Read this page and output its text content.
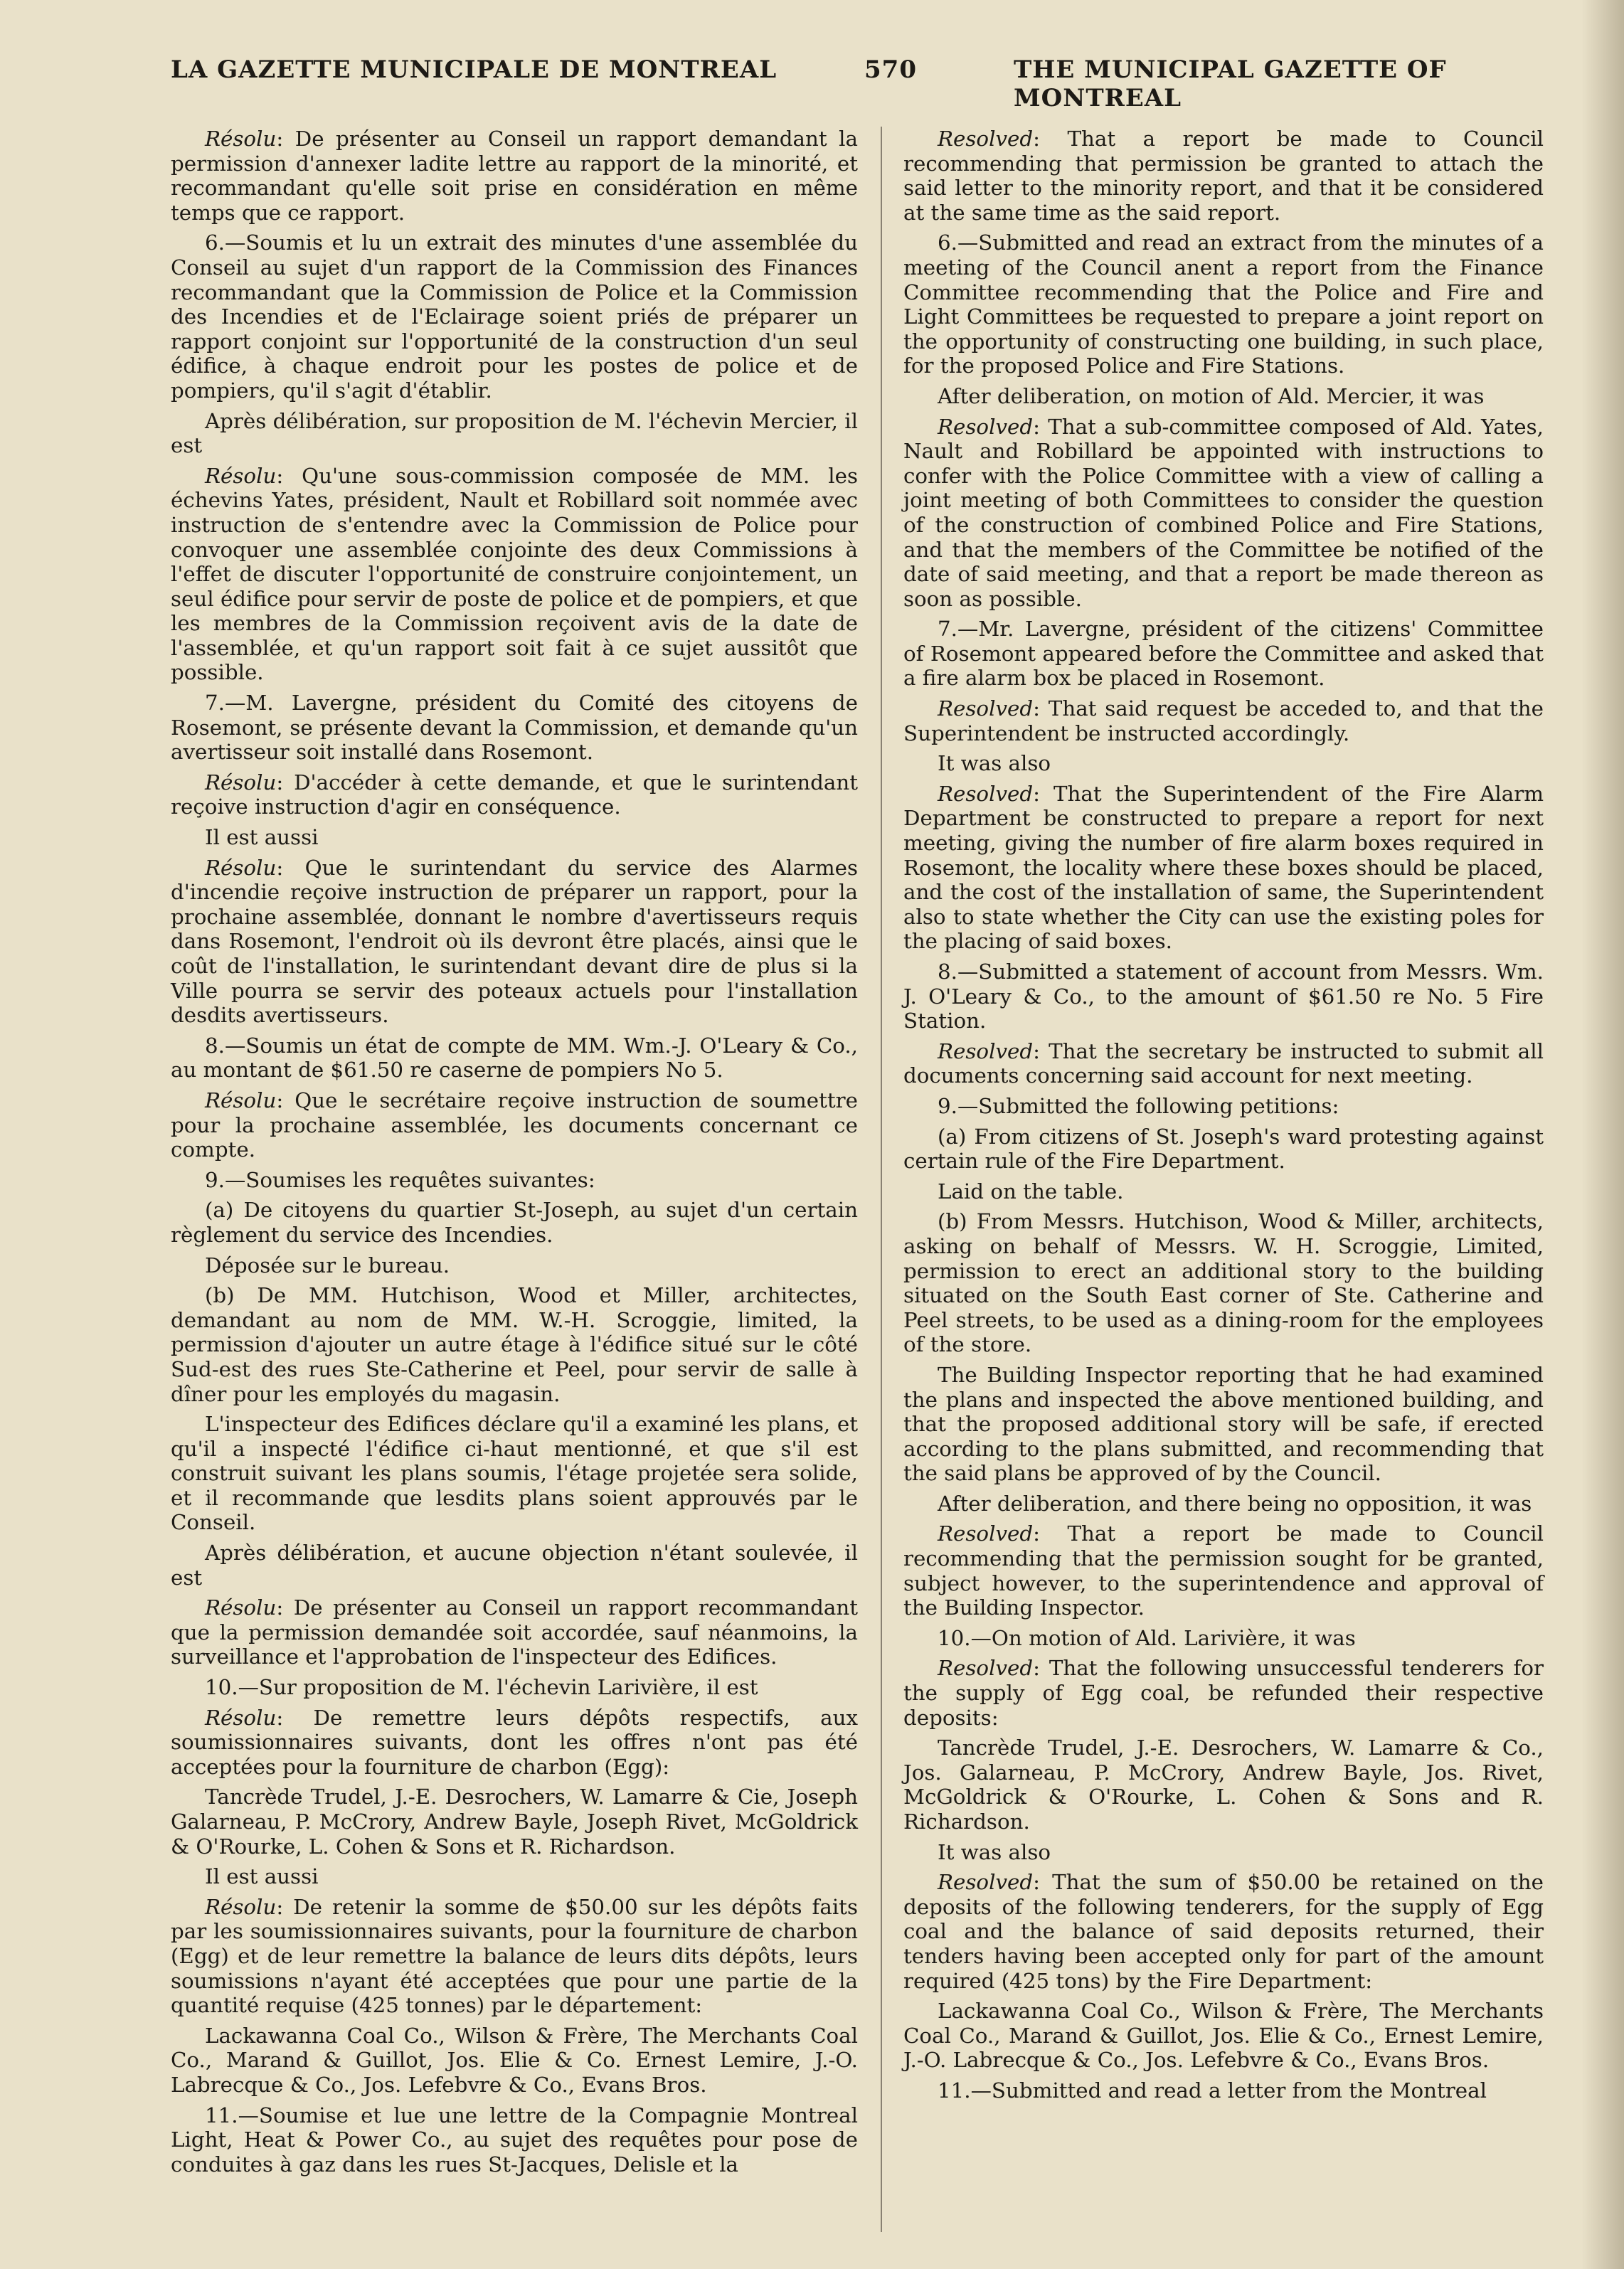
LA GAZETTE MUNICIPALE DE MONTREAL	570	THE MUNICIPAL GAZETTE OF MONTREAL

Résolu: De présenter au Conseil un rapport demandant la permission d'annexer ladite lettre au rapport de la minorité, et recommandant qu'elle soit prise en considération en même temps que ce rapport.

6.—Soumis et lu un extrait des minutes d'une assemblée du Conseil au sujet d'un rapport de la Commission des Finances recommandant que la Commission de Police et la Commission des Incendies et de l'Eclairage soient priés de préparer un rapport conjoint sur l'opportunité de la construction d'un seul édifice, à chaque endroit pour les postes de police et de pompiers, qu'il s'agit d'établir.

Après délibération, sur proposition de M. l'échevin Mercier, il est

Résolu: Qu'une sous-commission composée de MM. les échevins Yates, président, Nault et Robillard soit nommée avec instruction de s'entendre avec la Commission de Police pour convoquer une assemblée conjointe des deux Commissions à l'effet de discuter l'opportunité de construire conjointement, un seul édifice pour servir de poste de police et de pompiers, et que les membres de la Commission reçoivent avis de la date de l'assemblée, et qu'un rapport soit fait à ce sujet aussitôt que possible.

7.—M. Lavergne, président du Comité des citoyens de Rosemont, se présente devant la Commission, et demande qu'un avertisseur soit installé dans Rosemont.

Résolu: D'accéder à cette demande, et que le surintendant reçoive instruction d'agir en conséquence.

Il est aussi

Résolu: Que le surintendant du service des Alarmes d'incendie reçoive instruction de préparer un rapport, pour la prochaine assemblée, donnant le nombre d'avertisseurs requis dans Rosemont, l'endroit où ils devront être placés, ainsi que le coût de l'installation, le surintendant devant dire de plus si la Ville pourra se servir des poteaux actuels pour l'installation desdits avertisseurs.

8.—Soumis un état de compte de MM. Wm.-J. O'Leary & Co., au montant de $61.50 re caserne de pompiers No 5.

Résolu: Que le secrétaire reçoive instruction de soumettre pour la prochaine assemblée, les documents concernant ce compte.

9.—Soumises les requêtes suivantes:

(a) De citoyens du quartier St-Joseph, au sujet d'un certain règlement du service des Incendies.

Déposée sur le bureau.

(b) De MM. Hutchison, Wood et Miller, architectes, demandant au nom de MM. W.-H. Scroggie, limited, la permission d'ajouter un autre étage à l'édifice situé sur le côté Sud-est des rues Ste-Catherine et Peel, pour servir de salle à dîner pour les employés du magasin.

L'inspecteur des Edifices déclare qu'il a examiné les plans, et qu'il a inspecté l'édifice ci-haut mentionné, et que s'il est construit suivant les plans soumis, l'étage projetée sera solide, et il recommande que lesdits plans soient approuvés par le Conseil.

Après délibération, et aucune objection n'étant soulevée, il est

Résolu: De présenter au Conseil un rapport recommandant que la permission demandée soit accordée, sauf néanmoins, la surveillance et l'approbation de l'inspecteur des Edifices.

10.—Sur proposition de M. l'échevin Larivière, il est

Résolu: De remettre leurs dépôts respectifs, aux soumissionnaires suivants, dont les offres n'ont pas été acceptées pour la fourniture de charbon (Egg):

Tancrède Trudel, J.-E. Desrochers, W. Lamarre & Cie, Joseph Galarneau, P. McCrory, Andrew Bayle, Joseph Rivet, McGoldrick & O'Rourke, L. Cohen & Sons et R. Richardson.

Il est aussi

Résolu: De retenir la somme de $50.00 sur les dépôts faits par les soumissionnaires suivants, pour la fourniture de charbon (Egg) et de leur remettre la balance de leurs dits dépôts, leurs soumissions n'ayant été acceptées que pour une partie de la quantité requise (425 tonnes) par le département:

Lackawanna Coal Co., Wilson & Frère, The Merchants Coal Co., Marand & Guillot, Jos. Elie & Co. Ernest Lemire, J.-O. Labrecque & Co., Jos. Lefebvre & Co., Evans Bros.

11.—Soumise et lue une lettre de la Compagnie Montreal Light, Heat & Power Co., au sujet des requêtes pour pose de conduites à gaz dans les rues St-Jacques, Delisle et la

Resolved: That a report be made to Council recommending that permission be granted to attach the said letter to the minority report, and that it be considered at the same time as the said report.

6.—Submitted and read an extract from the minutes of a meeting of the Council anent a report from the Finance Committee recommending that the Police and Fire and Light Committees be requested to prepare a joint report on the opportunity of constructing one building, in such place, for the proposed Police and Fire Stations.

After deliberation, on motion of Ald. Mercier, it was

Resolved: That a sub-committee composed of Ald. Yates, Nault and Robillard be appointed with instructions to confer with the Police Committee with a view of calling a joint meeting of both Committees to consider the question of the construction of combined Police and Fire Stations, and that the members of the Committee be notified of the date of said meeting, and that a report be made thereon as soon as possible.

7.—Mr. Lavergne, président of the citizens' Committee of Rosemont appeared before the Committee and asked that a fire alarm box be placed in Rosemont.

Resolved: That said request be acceded to, and that the Superintendent be instructed accordingly.

It was also

Resolved: That the Superintendent of the Fire Alarm Department be constructed to prepare a report for next meeting, giving the number of fire alarm boxes required in Rosemont, the locality where these boxes should be placed, and the cost of the installation of same, the Superintendent also to state whether the City can use the existing poles for the placing of said boxes.

8.—Submitted a statement of account from Messrs. Wm. J. O'Leary & Co., to the amount of $61.50 re No. 5 Fire Station.

Resolved: That the secretary be instructed to submit all documents concerning said account for next meeting.

9.—Submitted the following petitions:

(a) From citizens of St. Joseph's ward protesting against certain rule of the Fire Department.

Laid on the table.

(b) From Messrs. Hutchison, Wood & Miller, architects, asking on behalf of Messrs. W. H. Scroggie, Limited, permission to erect an additional story to the building situated on the South East corner of Ste. Catherine and Peel streets, to be used as a dining-room for the employees of the store.

The Building Inspector reporting that he had examined the plans and inspected the above mentioned building, and that the proposed additional story will be safe, if erected according to the plans submitted, and recommending that the said plans be approved of by the Council.

After deliberation, and there being no opposition, it was

Resolved: That a report be made to Council recommending that the permission sought for be granted, subject however, to the superintendence and approval of the Building Inspector.

10.—On motion of Ald. Larivière, it was

Resolved: That the following unsuccessful tenderers for the supply of Egg coal, be refunded their respective deposits:

Tancrède Trudel, J.-E. Desrochers, W. Lamarre & Co., Jos. Galarneau, P. McCrory, Andrew Bayle, Jos. Rivet, McGoldrick & O'Rourke, L. Cohen & Sons and R. Richardson.

It was also

Resolved: That the sum of $50.00 be retained on the deposits of the following tenderers, for the supply of Egg coal and the balance of said deposits returned, their tenders having been accepted only for part of the amount required (425 tons) by the Fire Department:

Lackawanna Coal Co., Wilson & Frère, The Merchants Coal Co., Marand & Guillot, Jos. Elie & Co., Ernest Lemire, J.-O. Labrecque & Co., Jos. Lefebvre & Co., Evans Bros.

11.—Submitted and read a letter from the Montreal
